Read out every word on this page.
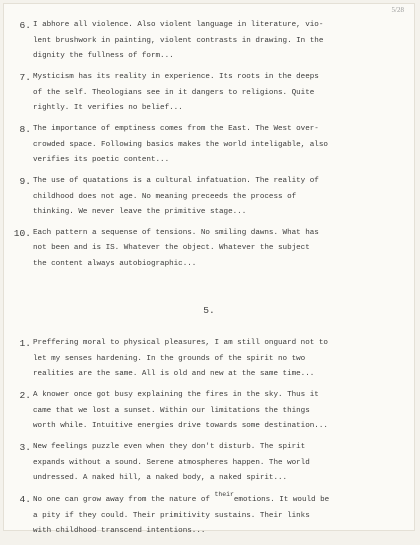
5/28
6. I abhore all violence. Also violent language in literature, vio-
lent brushwork in painting, violent contrasts in drawing. In the
dignity the fullness of form...
7. Mysticism has its reality in experience. Its roots in the deeps
of the self. Theologians see in it dangers to religions. Quite
rightly. It verifies no belief...
8. The importance of emptiness comes from the East. The West over-
crowded space. Following basics makes the world inteligable, also
verifies its poetic content...
9. The use of quatations is a cultural infatuation. The reality of
childhood does not age. No meaning preceeds the process of
thinking. We never leave the primitive stage...
10. Each pattern a sequense of tensions. No smiling dawns. What has
not been and is IS. Whatever the object. Whatever the subject
the content always autobiographic...
5.
1. Preffering moral to physical pleasures, I am still onguard not to
let my senses hardening. In the grounds of the spirit no two
realities are the same. All is old and new at the same time...
2. A knower once got busy explaining the fires in the sky. Thus it
came that we lost a sunset. Within our limitations the things
worth while. Intuitive energies drive towards some destination...
3. New feelings puzzle even when they don't disturb. The spirit
expands without a sound. Serene atmospheres happen. The world
undressed. A naked hill, a naked body, a naked spirit...
4. No one can grow away from the nature of theiremotions. It would be
a pity if they could. Their primitivity sustains. Their links
with childhood transcend intentions...
